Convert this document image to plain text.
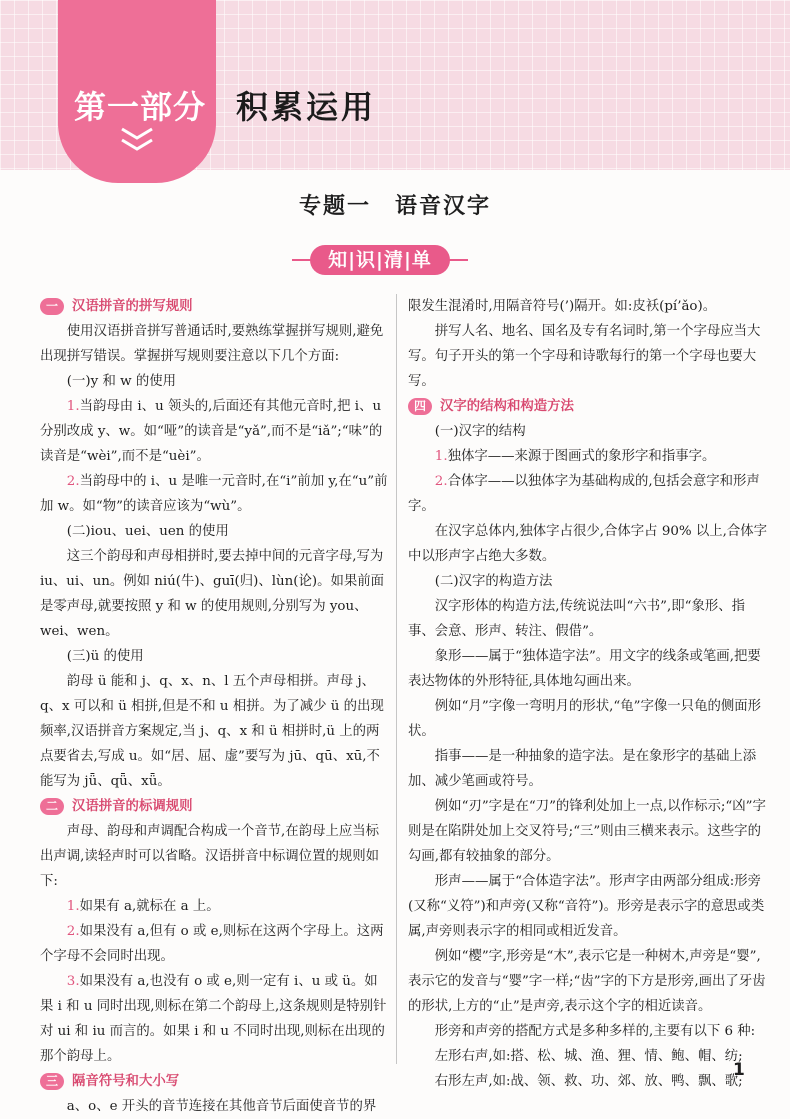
第一部分 积累运用
专题一　语音汉字
知|识|清|单
一	汉语拼音的拼写规则

使用汉语拼音拼写普通话时,要熟练掌握拼写规则,避免出现拼写错误。掌握拼写规则要注意以下几个方面:

(一)y 和 w 的使用

1.当韵母由 i、u 领头的,后面还有其他元音时,把 i、u 分别改成 y、w。如“哑”的读音是“yǎ”,而不是“iǎ”;“味”的读音是“wèi”,而不是“uèi”。

2.当韵母中的 i、u 是唯一元音时,在“i”前加 y,在“u”前加 w。如“物”的读音应该为“wù”。

(二)iou、uei、uen 的使用

这三个韵母和声母相拼时,要去掉中间的元音字母,写为 iu、ui、un。例如 niú(牛)、guī(归)、lùn(论)。如果前面是零声母,就要按照 y 和 w 的使用规则,分别写为 you、wei、wen。

(三)ü 的使用

韵母 ü 能和 j、q、x、n、l 五个声母相拼。声母 j、q、x 可以和 ü 相拼,但是不和 u 相拼。为了减少 ü 的出现频率,汉语拼音方案规定,当 j、q、x 和 ü 相拼时,ü 上的两点要省去,写成 u。如“居、屈、虚”要写为 jū、qū、xū,不能写为 jǖ、qǖ、xǖ。

二	汉语拼音的标调规则

声母、韵母和声调配合构成一个音节,在韵母上应当标出声调,读轻声时可以省略。汉语拼音中标调位置的规则如下:

1.如果有 a,就标在 a 上。

2.如果没有 a,但有 o 或 e,则标在这两个字母上。这两个字母不会同时出现。

3.如果没有 a,也没有 o 或 e,则一定有 i、u 或 ü。如果 i 和 u 同时出现,则标在第二个韵母上,这条规则是特别针对 ui 和 iu 而言的。如果 i 和 u 不同时出现,则标在出现的那个韵母上。

三	隔音符号和大小写

a、o、e 开头的音节连接在其他音节后面使音节的界

限发生混淆时,用隔音符号(’)隔开。如:皮袄(pí’ǎo)。

拼写人名、地名、国名及专有名词时,第一个字母应当大写。句子开头的第一个字母和诗歌每行的第一个字母也要大写。

四	汉字的结构和构造方法

(一)汉字的结构

1.独体字——来源于图画式的象形字和指事字。

2.合体字——以独体字为基础构成的,包括会意字和形声字。

在汉字总体内,独体字占很少,合体字占 90% 以上,合体字中以形声字占绝大多数。

(二)汉字的构造方法

汉字形体的构造方法,传统说法叫“六书”,即“象形、指事、会意、形声、转注、假借”。

象形——属于“独体造字法”。用文字的线条或笔画,把要表达物体的外形特征,具体地勾画出来。

例如“月”字像一弯明月的形状,“龟”字像一只龟的侧面形状。

指事——是一种抽象的造字法。是在象形字的基础上添加、减少笔画或符号。

例如“刃”字是在“刀”的锋利处加上一点,以作标示;“凶”字则是在陷阱处加上交叉符号;“三”则由三横来表示。这些字的勾画,都有较抽象的部分。

形声——属于“合体造字法”。形声字由两部分组成:形旁(又称“义符”)和声旁(又称“音符”)。形旁是表示字的意思或类属,声旁则表示字的相同或相近发音。

例如“樱”字,形旁是“木”,表示它是一种树木,声旁是“婴”,表示它的发音与“婴”字一样;“齿”字的下方是形旁,画出了牙齿的形状,上方的“止”是声旁,表示这个字的相近读音。

形旁和声旁的搭配方式是多种多样的,主要有以下 6 种:

左形右声,如:搭、松、城、渔、狸、情、鲍、帽、纺;

右形左声,如:战、领、救、功、郊、放、鸭、飘、歌;

1
